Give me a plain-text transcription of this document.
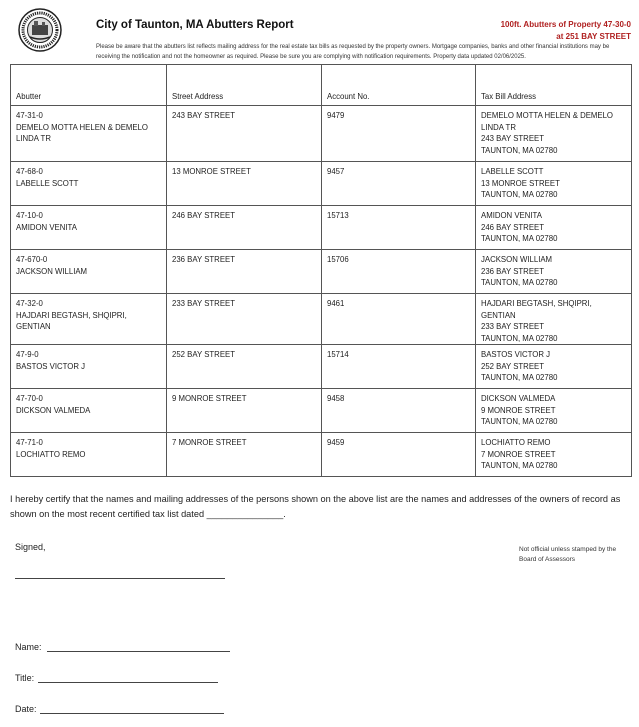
City of Taunton, MA Abutters Report	100ft. Abutters of Property 47-30-0
at 251 BAY STREET
Please be aware that the abutters list reflects mailing address for the real estate tax bills as requested by the property owners. Mortgage companies, banks and other financial institutions may be receiving the notification and not the homeowner as required. Please be sure you are complying with notification requirements. Property data updated 02/06/2025.
Abutter	Street Address	Account No.	Tax Bill Address

47-31-0
DEMELO MOTTA HELEN & DEMELO
LINDA TR	243 BAY STREET	9479	DEMELO MOTTA HELEN & DEMELO
LINDA TR
243 BAY STREET
TAUNTON, MA 02780

47-68-0
LABELLE SCOTT	13 MONROE STREET	9457	LABELLE SCOTT
13 MONROE STREET
TAUNTON, MA 02780

47-10-0
AMIDON VENITA	246 BAY STREET	15713	AMIDON VENITA
246 BAY STREET
TAUNTON, MA 02780

47-670-0
JACKSON WILLIAM	236 BAY STREET	15706	JACKSON WILLIAM
236 BAY STREET
TAUNTON, MA 02780

47-32-0
HAJDARI BEGTASH, SHQIPRI, GENTIAN	233 BAY STREET	9461	HAJDARI BEGTASH, SHQIPRI, GENTIAN
233 BAY STREET
TAUNTON, MA 02780

47-9-0
BASTOS VICTOR J	252 BAY STREET	15714	BASTOS VICTOR J
252 BAY STREET
TAUNTON, MA 02780

47-70-0
DICKSON VALMEDA	9 MONROE STREET	9458	DICKSON VALMEDA
9 MONROE STREET
TAUNTON, MA 02780

47-71-0
LOCHIATTO REMO	7 MONROE STREET	9459	LOCHIATTO REMO
7 MONROE STREET
TAUNTON, MA 02780
I hereby certify that the names and mailing addresses of the persons shown on the above list are the names and addresses of the owners of record as shown on the most recent certified tax list dated _______________.
Signed,	Not official unless stamped by the Board of Assessors
Name:
Title:
Date:
